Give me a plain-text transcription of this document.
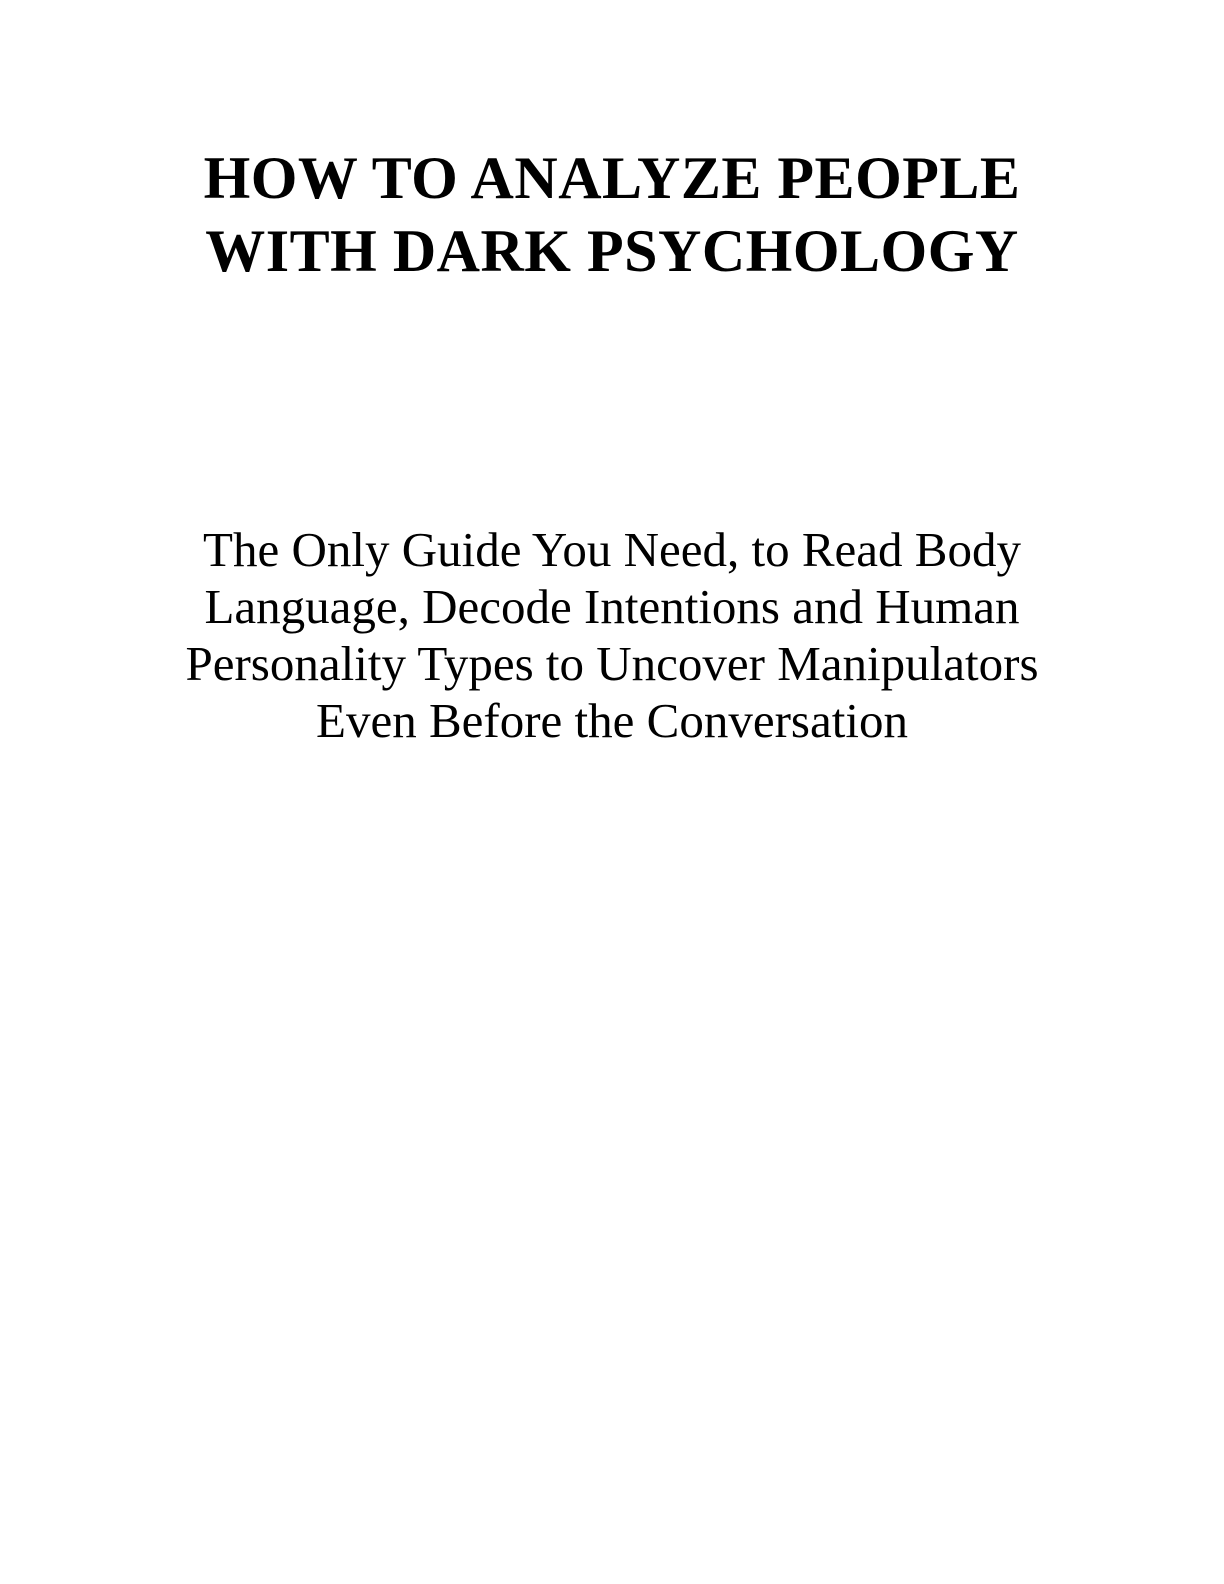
HOW TO ANALYZE PEOPLE
WITH DARK PSYCHOLOGY

The Only Guide You Need, to Read Body
Language, Decode Intentions and Human
Personality Types to Uncover Manipulators
Even Before the Conversation
